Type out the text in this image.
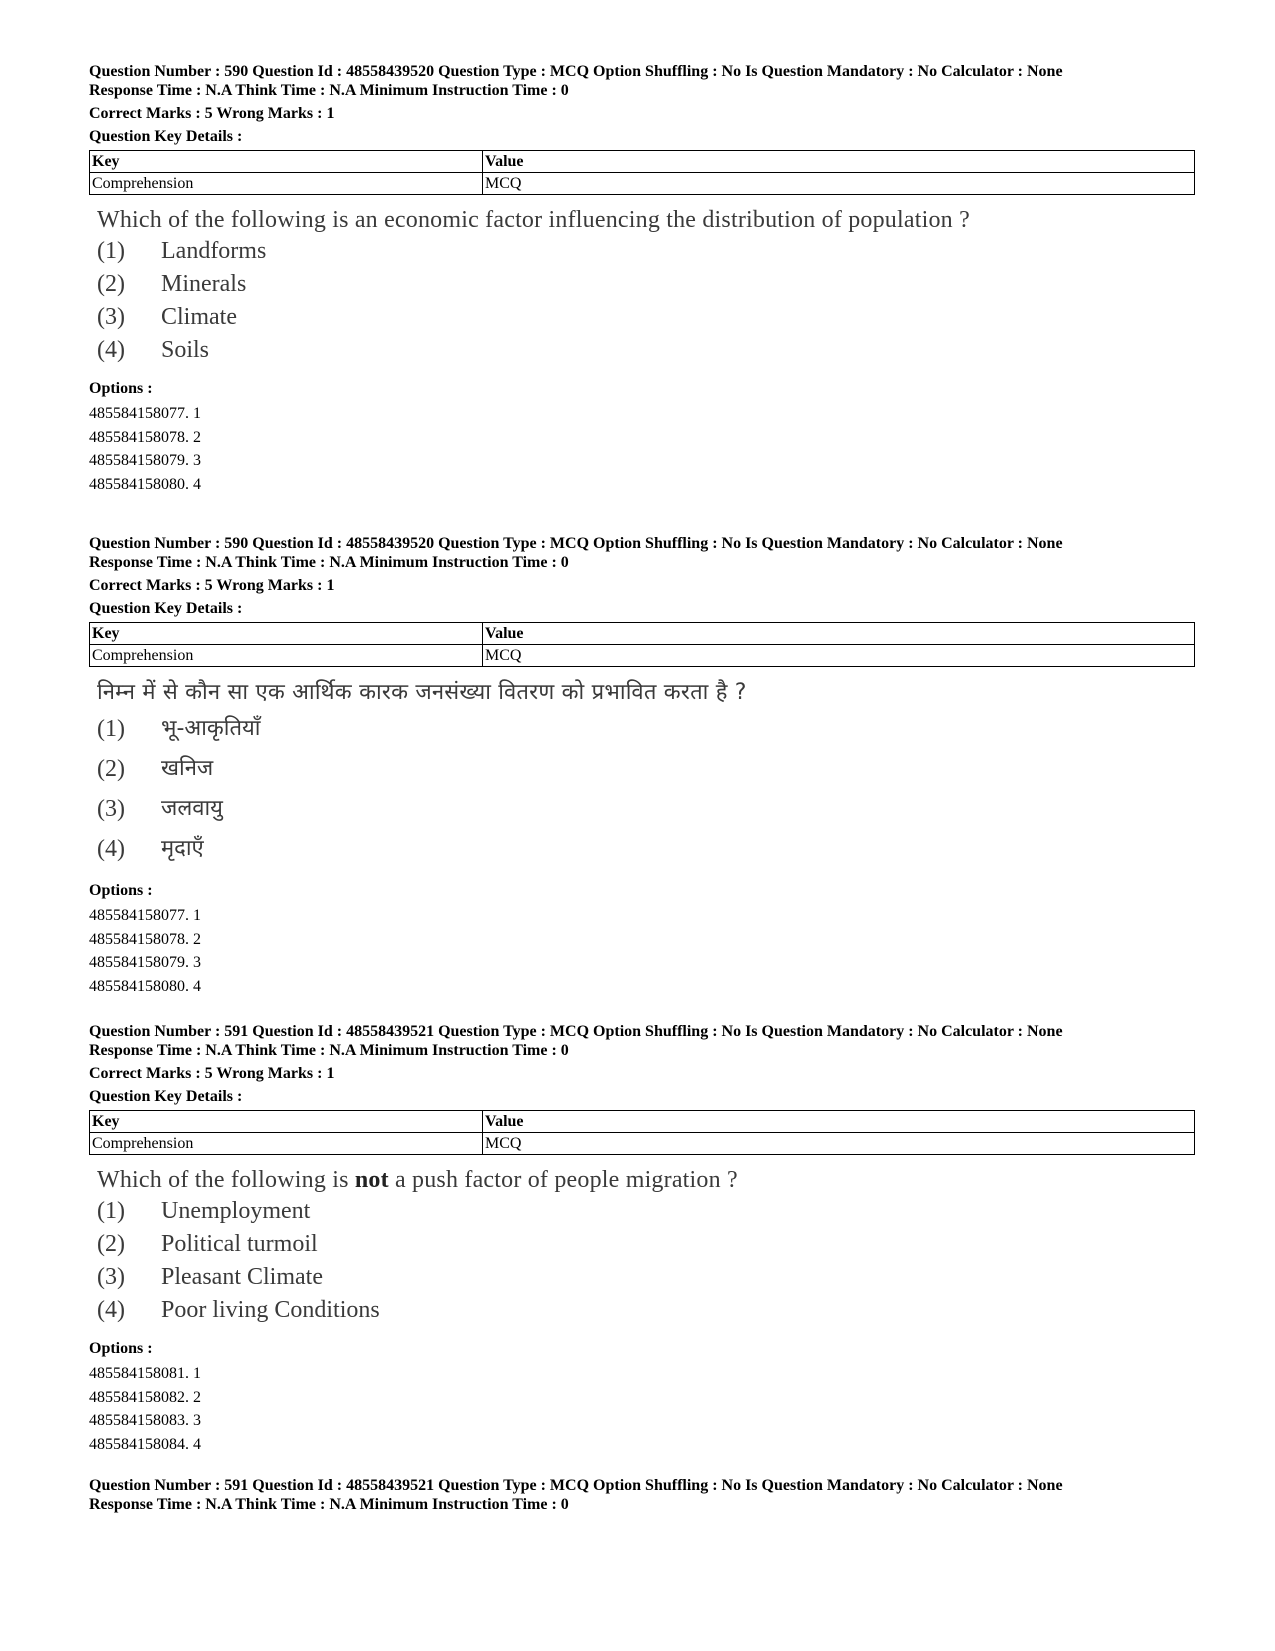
Question Number : 590 Question Id : 48558439520 Question Type : MCQ Option Shuffling : No Is Question Mandatory : No Calculator : None
Response Time : N.A Think Time : N.A Minimum Instruction Time : 0
Correct Marks : 5 Wrong Marks : 1
Question Key Details :
Key	Value
Comprehension	MCQ
Which of the following is an economic factor influencing the distribution of population ?
(1)	Landforms
(2)	Minerals
(3)	Climate
(4)	Soils
Options :
485584158077. 1
485584158078. 2
485584158079. 3
485584158080. 4
Question Number : 590 Question Id : 48558439520 Question Type : MCQ Option Shuffling : No Is Question Mandatory : No Calculator : None
Response Time : N.A Think Time : N.A Minimum Instruction Time : 0
Correct Marks : 5 Wrong Marks : 1
Question Key Details :
Key	Value
Comprehension	MCQ
निम्न में से कौन सा एक आर्थिक कारक जनसंख्या वितरण को प्रभावित करता है ?
(1)	भू-आकृतियाँ
(2)	खनिज
(3)	जलवायु
(4)	मृदाएँ
Options :
485584158077. 1
485584158078. 2
485584158079. 3
485584158080. 4
Question Number : 591 Question Id : 48558439521 Question Type : MCQ Option Shuffling : No Is Question Mandatory : No Calculator : None
Response Time : N.A Think Time : N.A Minimum Instruction Time : 0
Correct Marks : 5 Wrong Marks : 1
Question Key Details :
Key	Value
Comprehension	MCQ
Which of the following is not a push factor of people migration ?
(1)	Unemployment
(2)	Political turmoil
(3)	Pleasant Climate
(4)	Poor living Conditions
Options :
485584158081. 1
485584158082. 2
485584158083. 3
485584158084. 4
Question Number : 591 Question Id : 48558439521 Question Type : MCQ Option Shuffling : No Is Question Mandatory : No Calculator : None
Response Time : N.A Think Time : N.A Minimum Instruction Time : 0
